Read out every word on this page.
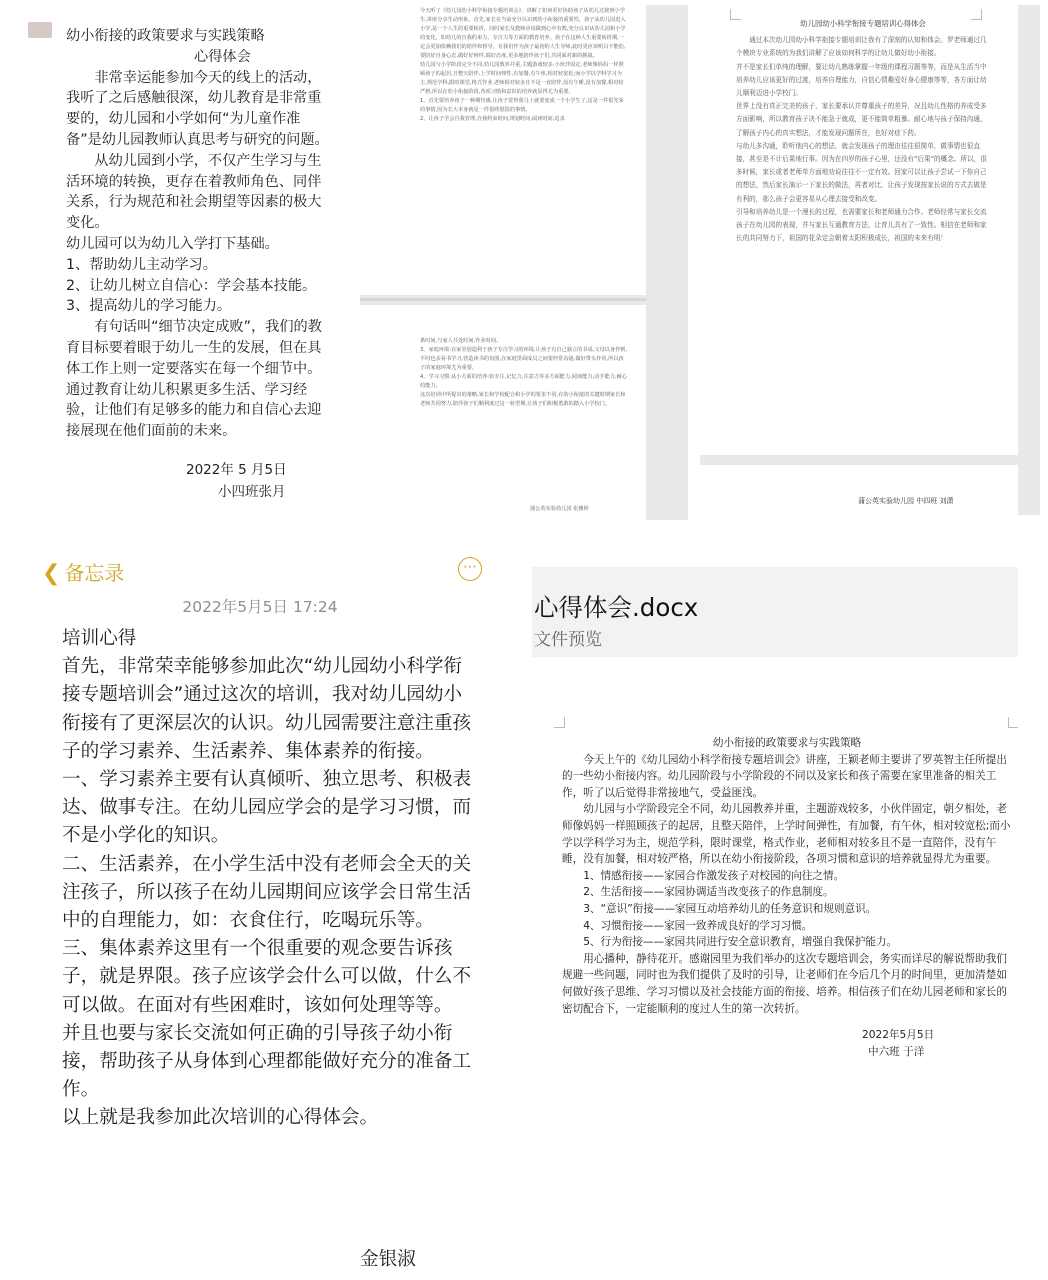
幼小衔接的政策要求与实践策略

心得体会

非常幸运能参加今天的线上的活动，我听了之后感触很深，幼儿教育是非常重要的，幼儿园和小学如何“为儿童作准备”是幼儿园教师认真思考与研究的问题。

从幼儿园到小学，不仅产生学习与生活环境的转换，更存在着教师角色、同伴关系，行为规范和社会期望等因素的极大变化。

幼儿园可以为幼儿入学打下基础。

1、帮助幼儿主动学习。

2、让幼儿树立自信心：学会基本技能。

3、提高幼儿的学习能力。

有句话叫“细节决定成败”，我们的教育目标要着眼于幼儿一生的发展，但在具体工作上则一定要落实在每一个细节中。通过教育让幼儿积累更多生活、学习经验，让他们有足够多的能力和自信心去迎接展现在他们面前的未来。

2022年 5 月5日
小四班张月
今天听了《幼儿园幼小科学衔接专题培训会》，讲解了如何更好协助孩子从幼儿过渡到小学生,讲座分享生动形象。首先,家长在当前充分认识到幼小衔接的重要性，孩子从幼儿园进入小学,是一个人生的重要转折，同时家长及教师应该做到心中有数,充分认识从幼儿园和小学的变化，如幼儿的自我约束力、专注力等方面的教育培养。孩子在这种人生重要转折期,一定会更加依赖我们的陪伴和督导，有我们作为孩子最初的人生导师,此时更应该明白不能松,要陪好自身心态,做好好榜样,端好态度,更多地陪伴孩子们,共同面对新的挑战。
幼儿园与小学阶段完全不同,幼儿园教养并重,主题游戏较多,小伙伴固定,老师像妈妈一样照顾孩子的起居,且整天陪伴,上学时间弹性,有加餐,有午休,相对较宽松;而小学以学科学习为主,规范学科,限时课堂,格式作业,老师相对较多且不是一直陪伴,没有午睡,没有加餐,相对较严格,所以在幼小衔接阶段,各项习惯和意识的培养就显得尤为重要。
1、首先要培养孩子一种期待感,让孩子觉得我马上就要变成一个小学生了,这是一件很光荣的事情,因为长大本身就是一件很欣慰很的事情。
2、让孩子学会自我管理,自我约束时间,规划时间,阅读时间,追求
条时间,与家人共处时间,作业时间。
3、家庭环境:在家里创造利于孩子专注学习的环境,让孩子有自己独立的书桌,父母以身作则,平时也多看书学习,营造读书的氛围,在家庭里面成员之间要经常沟通,做好带头作用,所以孩子的家庭环境尤为重要。
4、学习习惯:从小方面的培养:如专注,记忆力,注意力等多方面能力,阅读能力,动手能力,耐心的能力。
这次培训中所提出的策略,家长和学校配合和小学的要求不同,在幼小衔接的关键时期家长和老师共同努力,陪伴孩子们顺利度过这一转型期,让孩子们积极勇敢的踏入小学校门。
蒲公英实验幼儿园 张雅婷
幼儿园幼小科学衔接专题培训心得体会
通过本次幼儿园幼小科学衔接专题培训让我有了深刻的认知和体会。罗老师通过几个模块专业系统的为我们讲解了应该如何科学的让幼儿做好幼小衔接。
并不是家长们单纯的理解，要让幼儿熟练掌握一年级的课程习题等等，而是从生活当中培养幼儿应该更好的过渡，培养自理能力，自信心情趣爱好身心健康等等，各方面让幼儿顺利迈进小学校门。
世界上没有真正完美的孩子，家长要承认并尊重孩子的差异，况且幼儿性格的养成受多方面影响，所以教育孩子决不能急于就成，更不能简单粗暴。耐心地与孩子保持沟通，了解孩子内心的真实想法，才能发现问题所在，也好对症下药。
与幼儿多沟通，聆听他内心的想法，就会发现孩子的理由往往很简单，做事情也很直接，甚至是不计后果地行事。因为在四岁的孩子心里，还没有“后果”的概念。所以，很多时候，家长或者老师单方面地劝说往往不一定有效。回家可以让孩子尝试一下你自己的想法，然后家长演示一下家长的做法，再者对比，让孩子发现按家长说的方式去做是有利的，那么孩子会更容易从心理去接受和改变。
引导和培养幼儿是一个漫长的过程，也需要家长和老师通力合作。老师经常与家长交流孩子在幼儿园的表现，并与家长互通教育方法，让育儿具有了一致性。相信在老师和家长的共同努力下，祖国的花朵定会朝着太阳积极成长，祖国的未来有明！
蒲公英实验幼儿园 中四班 刘潇
❮ 备忘录	⋯
2022年5月5日 17:24

培训心得

首先，非常荣幸能够参加此次“幼儿园幼小科学衔接专题培训会”通过这次的培训，我对幼儿园幼小衔接有了更深层次的认识。幼儿园需要注意注重孩子的学习素养、生活素养、集体素养的衔接。

一、学习素养主要有认真倾听、独立思考、积极表达、做事专注。在幼儿园应学会的是学习习惯，而不是小学化的知识。

二、生活素养，在小学生活中没有老师会全天的关注孩子，所以孩子在幼儿园期间应该学会日常生活中的自理能力，如：衣食住行，吃喝玩乐等。

三、集体素养这里有一个很重要的观念要告诉孩子，就是界限。孩子应该学会什么可以做，什么不可以做。在面对有些困难时，该如何处理等等。

并且也要与家长交流如何正确的引导孩子幼小衔接，帮助孩子从身体到心理都能做好充分的准备工作。

以上就是我参加此次培训的心得体会。

金银淑
心得体会.docx
文件预览

幼小衔接的政策要求与实践策略

今天上午的《幼儿园幼小科学衔接专题培训会》讲座，王颖老师主要讲了罗英智主任所提出的一些幼小衔接内容。幼儿园阶段与小学阶段的不同以及家长和孩子需要在家里准备的相关工作，听了以后觉得非常接地气，受益匪浅。

幼儿园与小学阶段完全不同，幼儿园教养并重，主题游戏较多，小伙伴固定，朝夕相处，老师像妈妈一样照顾孩子的起居，且整天陪伴，上学时间弹性，有加餐，有午休，相对较宽松;而小学以学科学习为主，规范学科，限时课堂，格式作业，老师相对较多且不是一直陪伴，没有午睡，没有加餐，相对较严格，所以在幼小衔接阶段，各项习惯和意识的培养就显得尤为重要。

1、情感衔接——家园合作激发孩子对校园的向往之情。

2、生活衔接——家园协调适当改变孩子的作息制度。

3、“意识”衔接——家园互动培养幼儿的任务意识和规则意识。

4、习惯衔接——家园一致养成良好的学习习惯。

5、行为衔接——家园共同进行安全意识教育，增强自我保护能力。

用心播种，静待花开。感谢园里为我们举办的这次专题培训会，务实而详尽的解说帮助我们规避一些问题，同时也为我们提供了及时的引导，让老师们在今后几个月的时间里，更加清楚如何做好孩子思维、学习习惯以及社会技能方面的衔接、培养。相信孩子们在幼儿园老师和家长的密切配合下，一定能顺利的度过人生的第一次转折。

2022年5月5日

中六班 于洋
